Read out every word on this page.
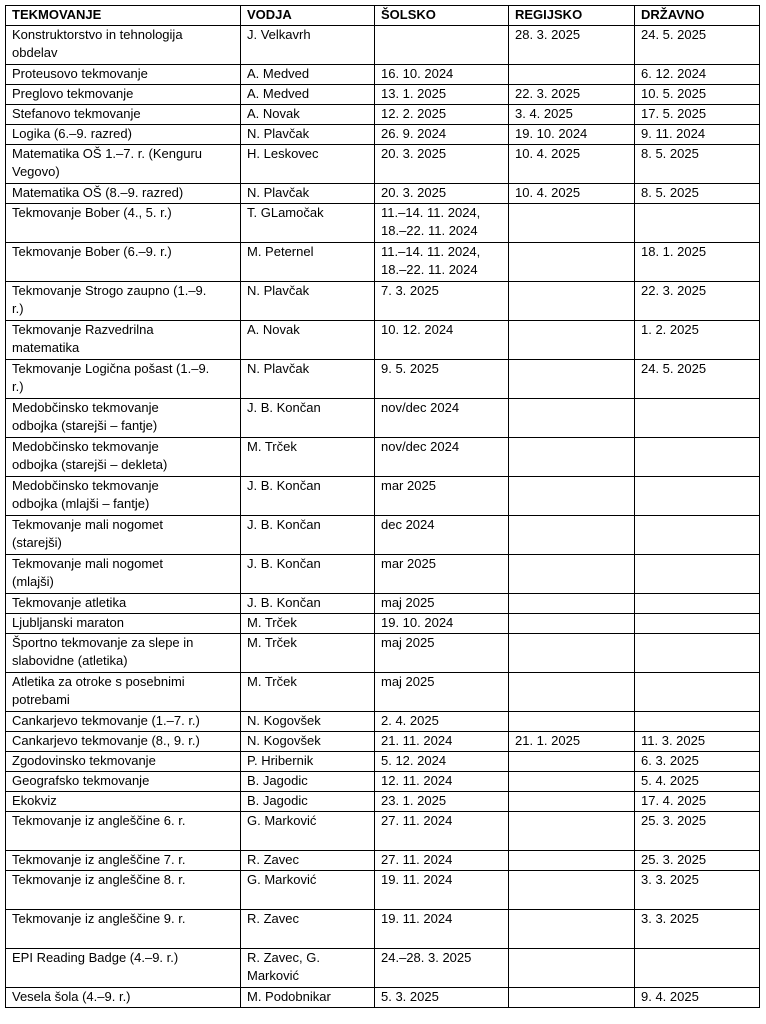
TEKMOVANJE	VODJA	ŠOLSKO	REGIJSKO	DRŽAVNO
Konstruktorstvo in tehnologija
obdelav	J. Velkavrh		28. 3. 2025	24. 5. 2025
Proteusovo tekmovanje	A. Medved	16. 10. 2024		6. 12. 2024
Preglovo tekmovanje	A. Medved	13. 1. 2025	22. 3. 2025	10. 5. 2025
Stefanovo tekmovanje	A. Novak	12. 2. 2025	3. 4. 2025	17. 5. 2025
Logika (6.–9. razred)	N. Plavčak	26. 9. 2024	19. 10. 2024	9. 11. 2024
Matematika OŠ 1.–7. r. (Kenguru
Vegovo)	H. Leskovec	20. 3. 2025	10. 4. 2025	8. 5. 2025
Matematika OŠ (8.–9. razred)	N. Plavčak	20. 3. 2025	10. 4. 2025	8. 5. 2025
Tekmovanje Bober (4., 5. r.)	T. GLamočak	11.–14. 11. 2024,
18.–22. 11. 2024		
Tekmovanje Bober (6.–9. r.)	M. Peternel	11.–14. 11. 2024,
18.–22. 11. 2024		18. 1. 2025
Tekmovanje Strogo zaupno (1.–9.
r.)	N. Plavčak	7. 3. 2025		22. 3. 2025
Tekmovanje Razvedrilna
matematika	A. Novak	10. 12. 2024		1. 2. 2025
Tekmovanje Logična pošast (1.–9.
r.)	N. Plavčak	9. 5. 2025		24. 5. 2025
Medobčinsko tekmovanje
odbojka (starejši – fantje)	J. B. Končan	nov/dec 2024		
Medobčinsko tekmovanje
odbojka (starejši – dekleta)	M. Trček	nov/dec 2024		
Medobčinsko tekmovanje
odbojka (mlajši – fantje)	J. B. Končan	mar 2025		
Tekmovanje mali nogomet
(starejši)	J. B. Končan	dec 2024		
Tekmovanje mali nogomet
(mlajši)	J. B. Končan	mar 2025		
Tekmovanje atletika	J. B. Končan	maj 2025		
Ljubljanski maraton	M. Trček	19. 10. 2024		
Športno tekmovanje za slepe in
slabovidne (atletika)	M. Trček	maj 2025		
Atletika za otroke s posebnimi
potrebami	M. Trček	maj 2025		
Cankarjevo tekmovanje (1.–7. r.)	N. Kogovšek	2. 4. 2025		
Cankarjevo tekmovanje (8., 9. r.)	N. Kogovšek	21. 11. 2024	21. 1. 2025	11. 3. 2025
Zgodovinsko tekmovanje	P. Hribernik	5. 12. 2024		6. 3. 2025
Geografsko tekmovanje	B. Jagodic	12. 11. 2024		5. 4. 2025
Ekokviz	B. Jagodic	23. 1. 2025		17. 4. 2025
Tekmovanje iz angleščine 6. r.	G. Marković	27. 11. 2024		25. 3. 2025
Tekmovanje iz angleščine 7. r.	R. Zavec	27. 11. 2024		25. 3. 2025
Tekmovanje iz angleščine 8. r.	G. Marković	19. 11. 2024		3. 3. 2025
Tekmovanje iz angleščine 9. r.	R. Zavec	19. 11. 2024		3. 3. 2025
EPI Reading Badge (4.–9. r.)	R. Zavec, G.
Marković	24.–28. 3. 2025		
Vesela šola (4.–9. r.)	M. Podobnikar	5. 3. 2025		9. 4. 2025
